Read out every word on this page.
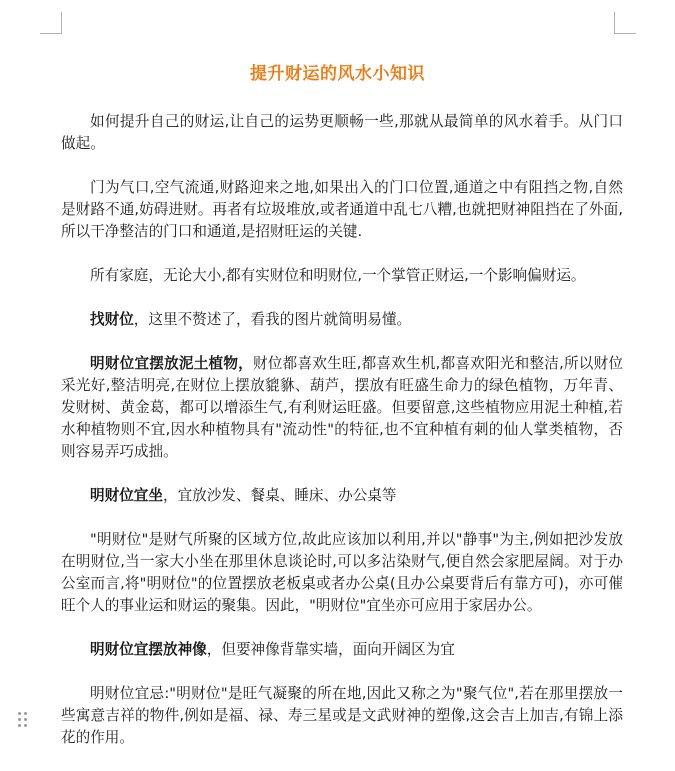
提升财运的风水小知识

如何提升自己的财运,让自己的运势更顺畅一些,那就从最简单的风水着手。从门口做起。

门为气口,空气流通,财路迎来之地,如果出入的门口位置,通道之中有阻挡之物,自然是财路不通,妨碍进财。再者有垃圾堆放,或者通道中乱七八糟,也就把财神阻挡在了外面,所以干净整洁的门口和通道,是招财旺运的关键.

所有家庭，无论大小,都有实财位和明财位,一个掌管正财运,一个影响偏财运。

找财位，这里不赘述了，看我的图片就简明易懂。

明财位宜摆放泥土植物，财位都喜欢生旺,都喜欢生机,都喜欢阳光和整洁,所以财位采光好,整洁明亮,在财位上摆放貔貅、葫芦，摆放有旺盛生命力的绿色植物，万年青、发财树、黄金葛，都可以增添生气,有利财运旺盛。但要留意,这些植物应用泥土种植,若水种植物则不宜,因水种植物具有"流动性"的特征,也不宜种植有刺的仙人掌类植物，否则容易弄巧成拙。

明财位宜坐，宜放沙发、餐桌、睡床、办公桌等

"明财位"是财气所聚的区域方位,故此应该加以利用,并以"静事"为主,例如把沙发放在明财位,当一家大小坐在那里休息谈论时,可以多沾染财气,便自然会家肥屋阔。对于办公室而言,将"明财位"的位置摆放老板桌或者办公桌(且办公桌要背后有靠方可)，亦可催旺个人的事业运和财运的聚集。因此，"明财位"宜坐亦可应用于家居办公。

明财位宜摆放神像，但要神像背靠实墙，面向开阔区为宜

明财位宜忌:"明财位"是旺气凝聚的所在地,因此又称之为"聚气位",若在那里摆放一些寓意吉祥的物件,例如是福、禄、寿三星或是文武财神的塑像,这会吉上加吉,有锦上添花的作用。
